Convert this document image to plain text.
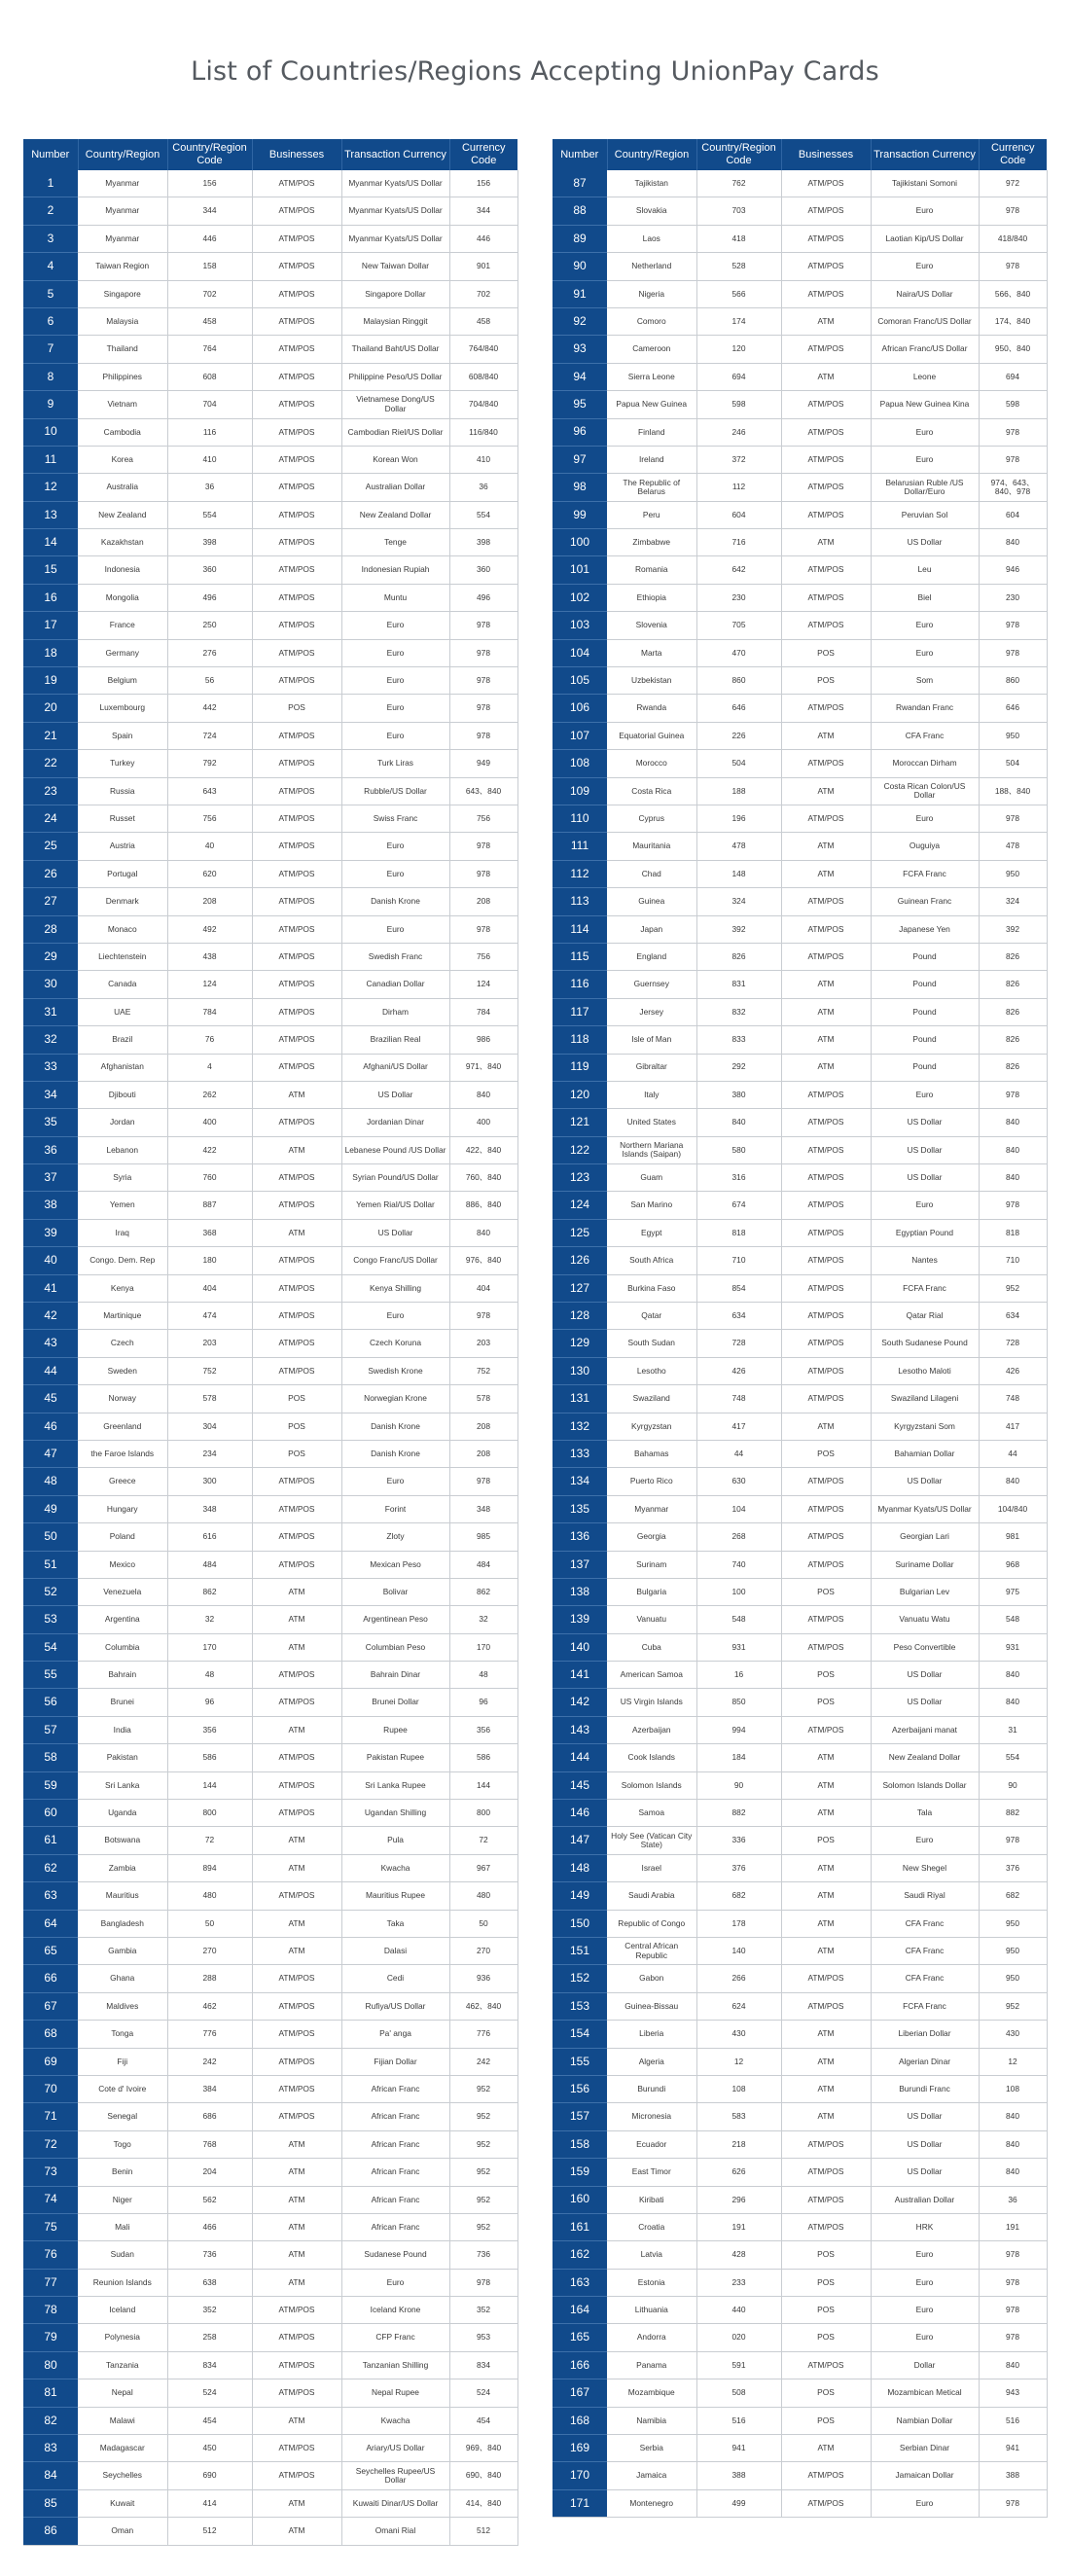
List of Countries/Regions Accepting UnionPay Cards
Number	Country/Region	Country/Region Code	Businesses	Transaction Currency	Currency Code
1	Myanmar	156	ATM/POS	Myanmar Kyats/US Dollar	156
2	Myanmar	344	ATM/POS	Myanmar Kyats/US Dollar	344
3	Myanmar	446	ATM/POS	Myanmar Kyats/US Dollar	446
4	Taiwan Region	158	ATM/POS	New Taiwan Dollar	901
5	Singapore	702	ATM/POS	Singapore Dollar	702
6	Malaysia	458	ATM/POS	Malaysian Ringgit	458
7	Thailand	764	ATM/POS	Thailand Baht/US Dollar	764/840
8	Philippines	608	ATM/POS	Philippine Peso/US Dollar	608/840
9	Vietnam	704	ATM/POS	Vietnamese Dong/US Dollar	704/840
10	Cambodia	116	ATM/POS	Cambodian Riel/US Dollar	116/840
11	Korea	410	ATM/POS	Korean Won	410
12	Australia	36	ATM/POS	Australian Dollar	36
13	New Zealand	554	ATM/POS	New Zealand Dollar	554
14	Kazakhstan	398	ATM/POS	Tenge	398
15	Indonesia	360	ATM/POS	Indonesian Rupiah	360
16	Mongolia	496	ATM/POS	Muntu	496
17	France	250	ATM/POS	Euro	978
18	Germany	276	ATM/POS	Euro	978
19	Belgium	56	ATM/POS	Euro	978
20	Luxembourg	442	POS	Euro	978
21	Spain	724	ATM/POS	Euro	978
22	Turkey	792	ATM/POS	Turk Liras	949
23	Russia	643	ATM/POS	Rubble/US Dollar	643、840
24	Russet	756	ATM/POS	Swiss Franc	756
25	Austria	40	ATM/POS	Euro	978
26	Portugal	620	ATM/POS	Euro	978
27	Denmark	208	ATM/POS	Danish Krone	208
28	Monaco	492	ATM/POS	Euro	978
29	Liechtenstein	438	ATM/POS	Swedish Franc	756
30	Canada	124	ATM/POS	Canadian Dollar	124
31	UAE	784	ATM/POS	Dirham	784
32	Brazil	76	ATM/POS	Brazilian Real	986
33	Afghanistan	4	ATM/POS	Afghani/US Dollar	971、840
34	Djibouti	262	ATM	US Dollar	840
35	Jordan	400	ATM/POS	Jordanian Dinar	400
36	Lebanon	422	ATM	Lebanese Pound /US Dollar	422、840
37	Syria	760	ATM/POS	Syrian Pound/US Dollar	760、840
38	Yemen	887	ATM/POS	Yemen Rial/US Dollar	886、840
39	Iraq	368	ATM	US Dollar	840
40	Congo. Dem. Rep	180	ATM/POS	Congo Franc/US Dollar	976、840
41	Kenya	404	ATM/POS	Kenya Shilling	404
42	Martinique	474	ATM/POS	Euro	978
43	Czech	203	ATM/POS	Czech Koruna	203
44	Sweden	752	ATM/POS	Swedish Krone	752
45	Norway	578	POS	Norwegian Krone	578
46	Greenland	304	POS	Danish Krone	208
47	the Faroe Islands	234	POS	Danish Krone	208
48	Greece	300	ATM/POS	Euro	978
49	Hungary	348	ATM/POS	Forint	348
50	Poland	616	ATM/POS	Zloty	985
51	Mexico	484	ATM/POS	Mexican Peso	484
52	Venezuela	862	ATM	Bolivar	862
53	Argentina	32	ATM	Argentinean Peso	32
54	Columbia	170	ATM	Columbian Peso	170
55	Bahrain	48	ATM/POS	Bahrain Dinar	48
56	Brunei	96	ATM/POS	Brunei Dollar	96
57	India	356	ATM	Rupee	356
58	Pakistan	586	ATM/POS	Pakistan Rupee	586
59	Sri Lanka	144	ATM/POS	Sri Lanka Rupee	144
60	Uganda	800	ATM/POS	Ugandan Shilling	800
61	Botswana	72	ATM	Pula	72
62	Zambia	894	ATM	Kwacha	967
63	Mauritius	480	ATM/POS	Mauritius Rupee	480
64	Bangladesh	50	ATM	Taka	50
65	Gambia	270	ATM	Dalasi	270
66	Ghana	288	ATM/POS	Cedi	936
67	Maldives	462	ATM/POS	Rufiya/US Dollar	462、840
68	Tonga	776	ATM/POS	Pa' anga	776
69	Fiji	242	ATM/POS	Fijian Dollar	242
70	Cote d' Ivoire	384	ATM/POS	African Franc	952
71	Senegal	686	ATM/POS	African Franc	952
72	Togo	768	ATM	African Franc	952
73	Benin	204	ATM	African Franc	952
74	Niger	562	ATM	African Franc	952
75	Mali	466	ATM	African Franc	952
76	Sudan	736	ATM	Sudanese Pound	736
77	Reunion Islands	638	ATM	Euro	978
78	Iceland	352	ATM/POS	Iceland Krone	352
79	Polynesia	258	ATM/POS	CFP Franc	953
80	Tanzania	834	ATM/POS	Tanzanian Shilling	834
81	Nepal	524	ATM/POS	Nepal Rupee	524
82	Malawi	454	ATM	Kwacha	454
83	Madagascar	450	ATM/POS	Ariary/US Dollar	969、840
84	Seychelles	690	ATM/POS	Seychelles Rupee/US Dollar	690、840
85	Kuwait	414	ATM	Kuwaiti Dinar/US Dollar	414、840
86	Oman	512	ATM	Omani Rial	512
Number	Country/Region	Country/Region Code	Businesses	Transaction Currency	Currency Code
87	Tajikistan	762	ATM/POS	Tajikistani Somoni	972
88	Slovakia	703	ATM/POS	Euro	978
89	Laos	418	ATM/POS	Laotian Kip/US Dollar	418/840
90	Netherland	528	ATM/POS	Euro	978
91	Nigeria	566	ATM/POS	Naira/US Dollar	566、840
92	Comoro	174	ATM	Comoran Franc/US Dollar	174、840
93	Cameroon	120	ATM/POS	African Franc/US Dollar	950、840
94	Sierra Leone	694	ATM	Leone	694
95	Papua New Guinea	598	ATM/POS	Papua New Guinea Kina	598
96	Finland	246	ATM/POS	Euro	978
97	Ireland	372	ATM/POS	Euro	978
98	The Republic of Belarus	112	ATM/POS	Belarusian Ruble /US Dollar/Euro	974、643、840、978
99	Peru	604	ATM/POS	Peruvian Sol	604
100	Zimbabwe	716	ATM	US Dollar	840
101	Romania	642	ATM/POS	Leu	946
102	Ethiopia	230	ATM/POS	Biel	230
103	Slovenia	705	ATM/POS	Euro	978
104	Marta	470	POS	Euro	978
105	Uzbekistan	860	POS	Som	860
106	Rwanda	646	ATM/POS	Rwandan Franc	646
107	Equatorial Guinea	226	ATM	CFA Franc	950
108	Morocco	504	ATM/POS	Moroccan Dirham	504
109	Costa Rica	188	ATM	Costa Rican Colon/US Dollar	188、840
110	Cyprus	196	ATM/POS	Euro	978
111	Mauritania	478	ATM	Ouguiya	478
112	Chad	148	ATM	FCFA Franc	950
113	Guinea	324	ATM/POS	Guinean Franc	324
114	Japan	392	ATM/POS	Japanese Yen	392
115	England	826	ATM/POS	Pound	826
116	Guernsey	831	ATM	Pound	826
117	Jersey	832	ATM	Pound	826
118	Isle of Man	833	ATM	Pound	826
119	Gibraltar	292	ATM	Pound	826
120	Italy	380	ATM/POS	Euro	978
121	United States	840	ATM/POS	US Dollar	840
122	Northern Mariana Islands (Saipan)	580	ATM/POS	US Dollar	840
123	Guam	316	ATM/POS	US Dollar	840
124	San Marino	674	ATM/POS	Euro	978
125	Egypt	818	ATM/POS	Egyptian Pound	818
126	South Africa	710	ATM/POS	Nantes	710
127	Burkina Faso	854	ATM/POS	FCFA Franc	952
128	Qatar	634	ATM/POS	Qatar Rial	634
129	South Sudan	728	ATM/POS	South Sudanese Pound	728
130	Lesotho	426	ATM/POS	Lesotho Maloti	426
131	Swaziland	748	ATM/POS	Swaziland Lilageni	748
132	Kyrgyzstan	417	ATM	Kyrgyzstani Som	417
133	Bahamas	44	POS	Bahamian Dollar	44
134	Puerto Rico	630	ATM/POS	US Dollar	840
135	Myanmar	104	ATM/POS	Myanmar Kyats/US Dollar	104/840
136	Georgia	268	ATM/POS	Georgian Lari	981
137	Surinam	740	ATM/POS	Suriname Dollar	968
138	Bulgaria	100	POS	Bulgarian Lev	975
139	Vanuatu	548	ATM/POS	Vanuatu Watu	548
140	Cuba	931	ATM/POS	Peso Convertible	931
141	American Samoa	16	POS	US Dollar	840
142	US Virgin Islands	850	POS	US Dollar	840
143	Azerbaijan	994	ATM/POS	Azerbaijani manat	31
144	Cook Islands	184	ATM	New Zealand Dollar	554
145	Solomon Islands	90	ATM	Solomon Islands Dollar	90
146	Samoa	882	ATM	Tala	882
147	Holy See (Vatican City State)	336	POS	Euro	978
148	Israel	376	ATM	New Shegel	376
149	Saudi Arabia	682	ATM	Saudi Riyal	682
150	Republic of Congo	178	ATM	CFA Franc	950
151	Central African Republic	140	ATM	CFA Franc	950
152	Gabon	266	ATM/POS	CFA Franc	950
153	Guinea-Bissau	624	ATM/POS	FCFA Franc	952
154	Liberia	430	ATM	Liberian Dollar	430
155	Algeria	12	ATM	Algerian Dinar	12
156	Burundi	108	ATM	Burundi Franc	108
157	Micronesia	583	ATM	US Dollar	840
158	Ecuador	218	ATM/POS	US Dollar	840
159	East Timor	626	ATM/POS	US Dollar	840
160	Kiribati	296	ATM/POS	Australian Dollar	36
161	Croatia	191	ATM/POS	HRK	191
162	Latvia	428	POS	Euro	978
163	Estonia	233	POS	Euro	978
164	Lithuania	440	POS	Euro	978
165	Andorra	020	POS	Euro	978
166	Panama	591	ATM/POS	Dollar	840
167	Mozambique	508	POS	Mozambican Metical	943
168	Namibia	516	POS	Nambian Dollar	516
169	Serbia	941	ATM	Serbian Dinar	941
170	Jamaica	388	ATM/POS	Jamaican Dollar	388
171	Montenegro	499	ATM/POS	Euro	978
